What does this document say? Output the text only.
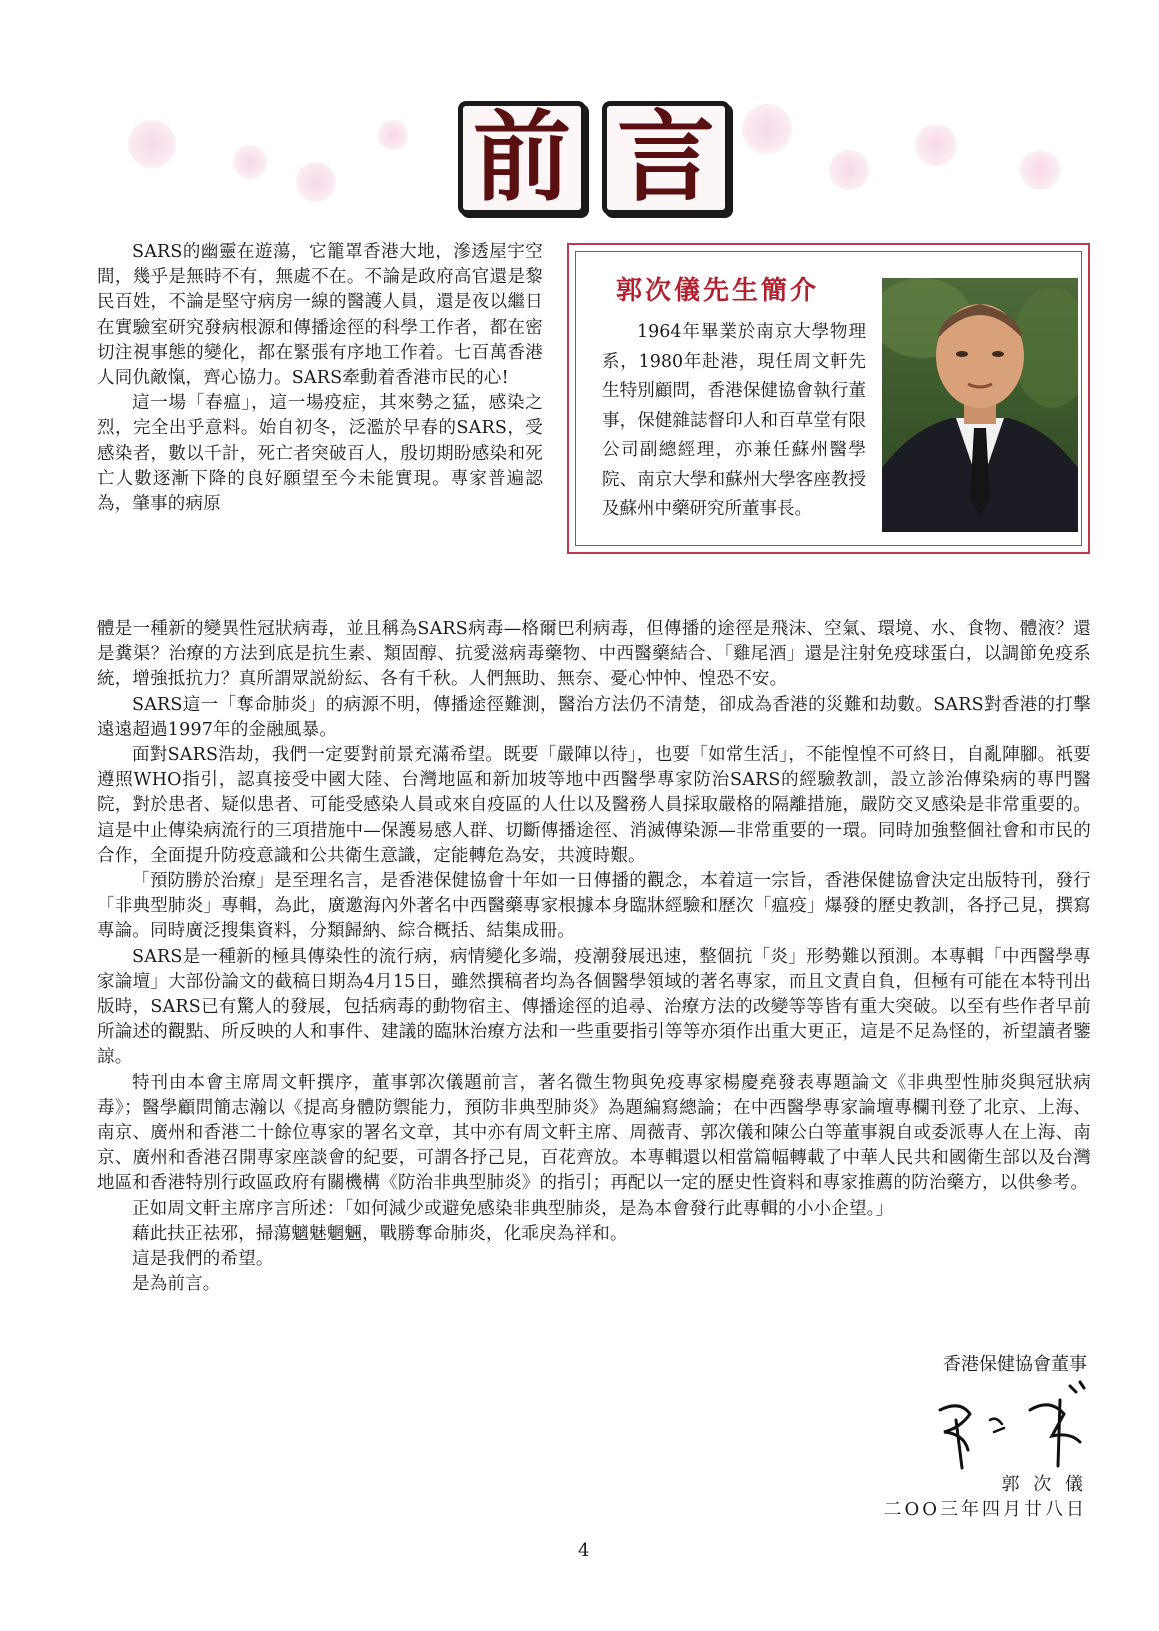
前 言

SARS的幽靈在遊蕩，它籠罩香港大地，滲透屋宇空間，幾乎是無時不有，無處不在。不論是政府高官還是黎民百姓，不論是堅守病房一線的醫護人員，還是夜以繼日在實驗室研究發病根源和傳播途徑的科學工作者，都在密切注視事態的變化，都在緊張有序地工作着。七百萬香港人同仇敵愾，齊心協力。SARS牽動着香港市民的心!

這一場「春瘟」，這一場疫症，其來勢之猛，感染之烈，完全出乎意料。始自初冬，泛濫於早春的SARS，受感染者，數以千計，死亡者突破百人，殷切期盼感染和死亡人數逐漸下降的良好願望至今未能實現。專家普遍認為，肇事的病原

郭次儀先生簡介

1964年畢業於南京大學物理系，1980年赴港，現任周文軒先生特別顧問，香港保健協會執行董事，保健雜誌督印人和百草堂有限公司副總經理，亦兼任蘇州醫學院、南京大學和蘇州大學客座教授及蘇州中藥研究所董事長。

體是一種新的變異性冠狀病毒，並且稱為SARS病毒—格爾巴利病毒，但傳播的途徑是飛沫、空氣、環境、水、食物、體液？還是糞渠？治療的方法到底是抗生素、類固醇、抗愛滋病毒藥物、中西醫藥結合、「雞尾酒」還是注射免疫球蛋白，以調節免疫系統，增強抵抗力？真所謂眾説紛紜、各有千秋。人們無助、無奈、憂心忡忡、惶恐不安。

SARS這一「奪命肺炎」的病源不明，傳播途徑難測，醫治方法仍不清楚，卻成為香港的災難和劫數。SARS對香港的打擊遠遠超過1997年的金融風暴。

面對SARS浩劫，我們一定要對前景充滿希望。既要「嚴陣以待」，也要「如常生活」，不能惶惶不可終日，自亂陣腳。祇要遵照WHO指引，認真接受中國大陸、台灣地區和新加坡等地中西醫學專家防治SARS的經驗教訓，設立診治傳染病的專門醫院，對於患者、疑似患者、可能受感染人員或來自疫區的人仕以及醫務人員採取嚴格的隔離措施，嚴防交叉感染是非常重要的。這是中止傳染病流行的三項措施中—保護易感人群、切斷傳播途徑、消滅傳染源—非常重要的一環。同時加強整個社會和市民的合作，全面提升防疫意識和公共衛生意識，定能轉危為安，共渡時艱。

「預防勝於治療」是至理名言，是香港保健協會十年如一日傳播的觀念，本着這一宗旨，香港保健協會決定出版特刊，發行「非典型肺炎」專輯，為此，廣邀海內外著名中西醫藥專家根據本身臨牀經驗和歷次「瘟疫」爆發的歷史教訓，各抒己見，撰寫專論。同時廣泛搜集資料，分類歸納、綜合概括、結集成冊。

SARS是一種新的極具傳染性的流行病，病情變化多端，疫潮發展迅速，整個抗「炎」形勢難以預測。本專輯「中西醫學專家論壇」大部份論文的截稿日期為4月15日，雖然撰稿者均為各個醫學領域的著名專家，而且文責自負，但極有可能在本特刊出版時，SARS已有驚人的發展，包括病毒的動物宿主、傳播途徑的追尋、治療方法的改變等等皆有重大突破。以至有些作者早前所論述的觀點、所反映的人和事件、建議的臨牀治療方法和一些重要指引等等亦須作出重大更正，這是不足為怪的，祈望讀者鑒諒。

特刊由本會主席周文軒撰序，董事郭次儀題前言，著名微生物與免疫專家楊慶堯發表專題論文《非典型性肺炎與冠狀病毒》；醫學顧問簡志瀚以《提高身體防禦能力，預防非典型肺炎》為題編寫總論；在中西醫學專家論壇專欄刊登了北京、上海、南京、廣州和香港二十餘位專家的署名文章，其中亦有周文軒主席、周薇青、郭次儀和陳公白等董事親自或委派專人在上海、南京、廣州和香港召開專家座談會的紀要，可謂各抒己見，百花齊放。本專輯還以相當篇幅轉載了中華人民共和國衛生部以及台灣地區和香港特別行政區政府有關機構《防治非典型肺炎》的指引；再配以一定的歷史性資料和專家推薦的防治藥方，以供參考。

正如周文軒主席序言所述：「如何減少或避免感染非典型肺炎，是為本會發行此專輯的小小企望。」

藉此扶正祛邪，掃蕩魑魅魍魎，戰勝奪命肺炎，化乖戾為祥和。

這是我們的希望。

是為前言。

香港保健協會董事
郭 次 儀
二OO三年四月廿八日
4
